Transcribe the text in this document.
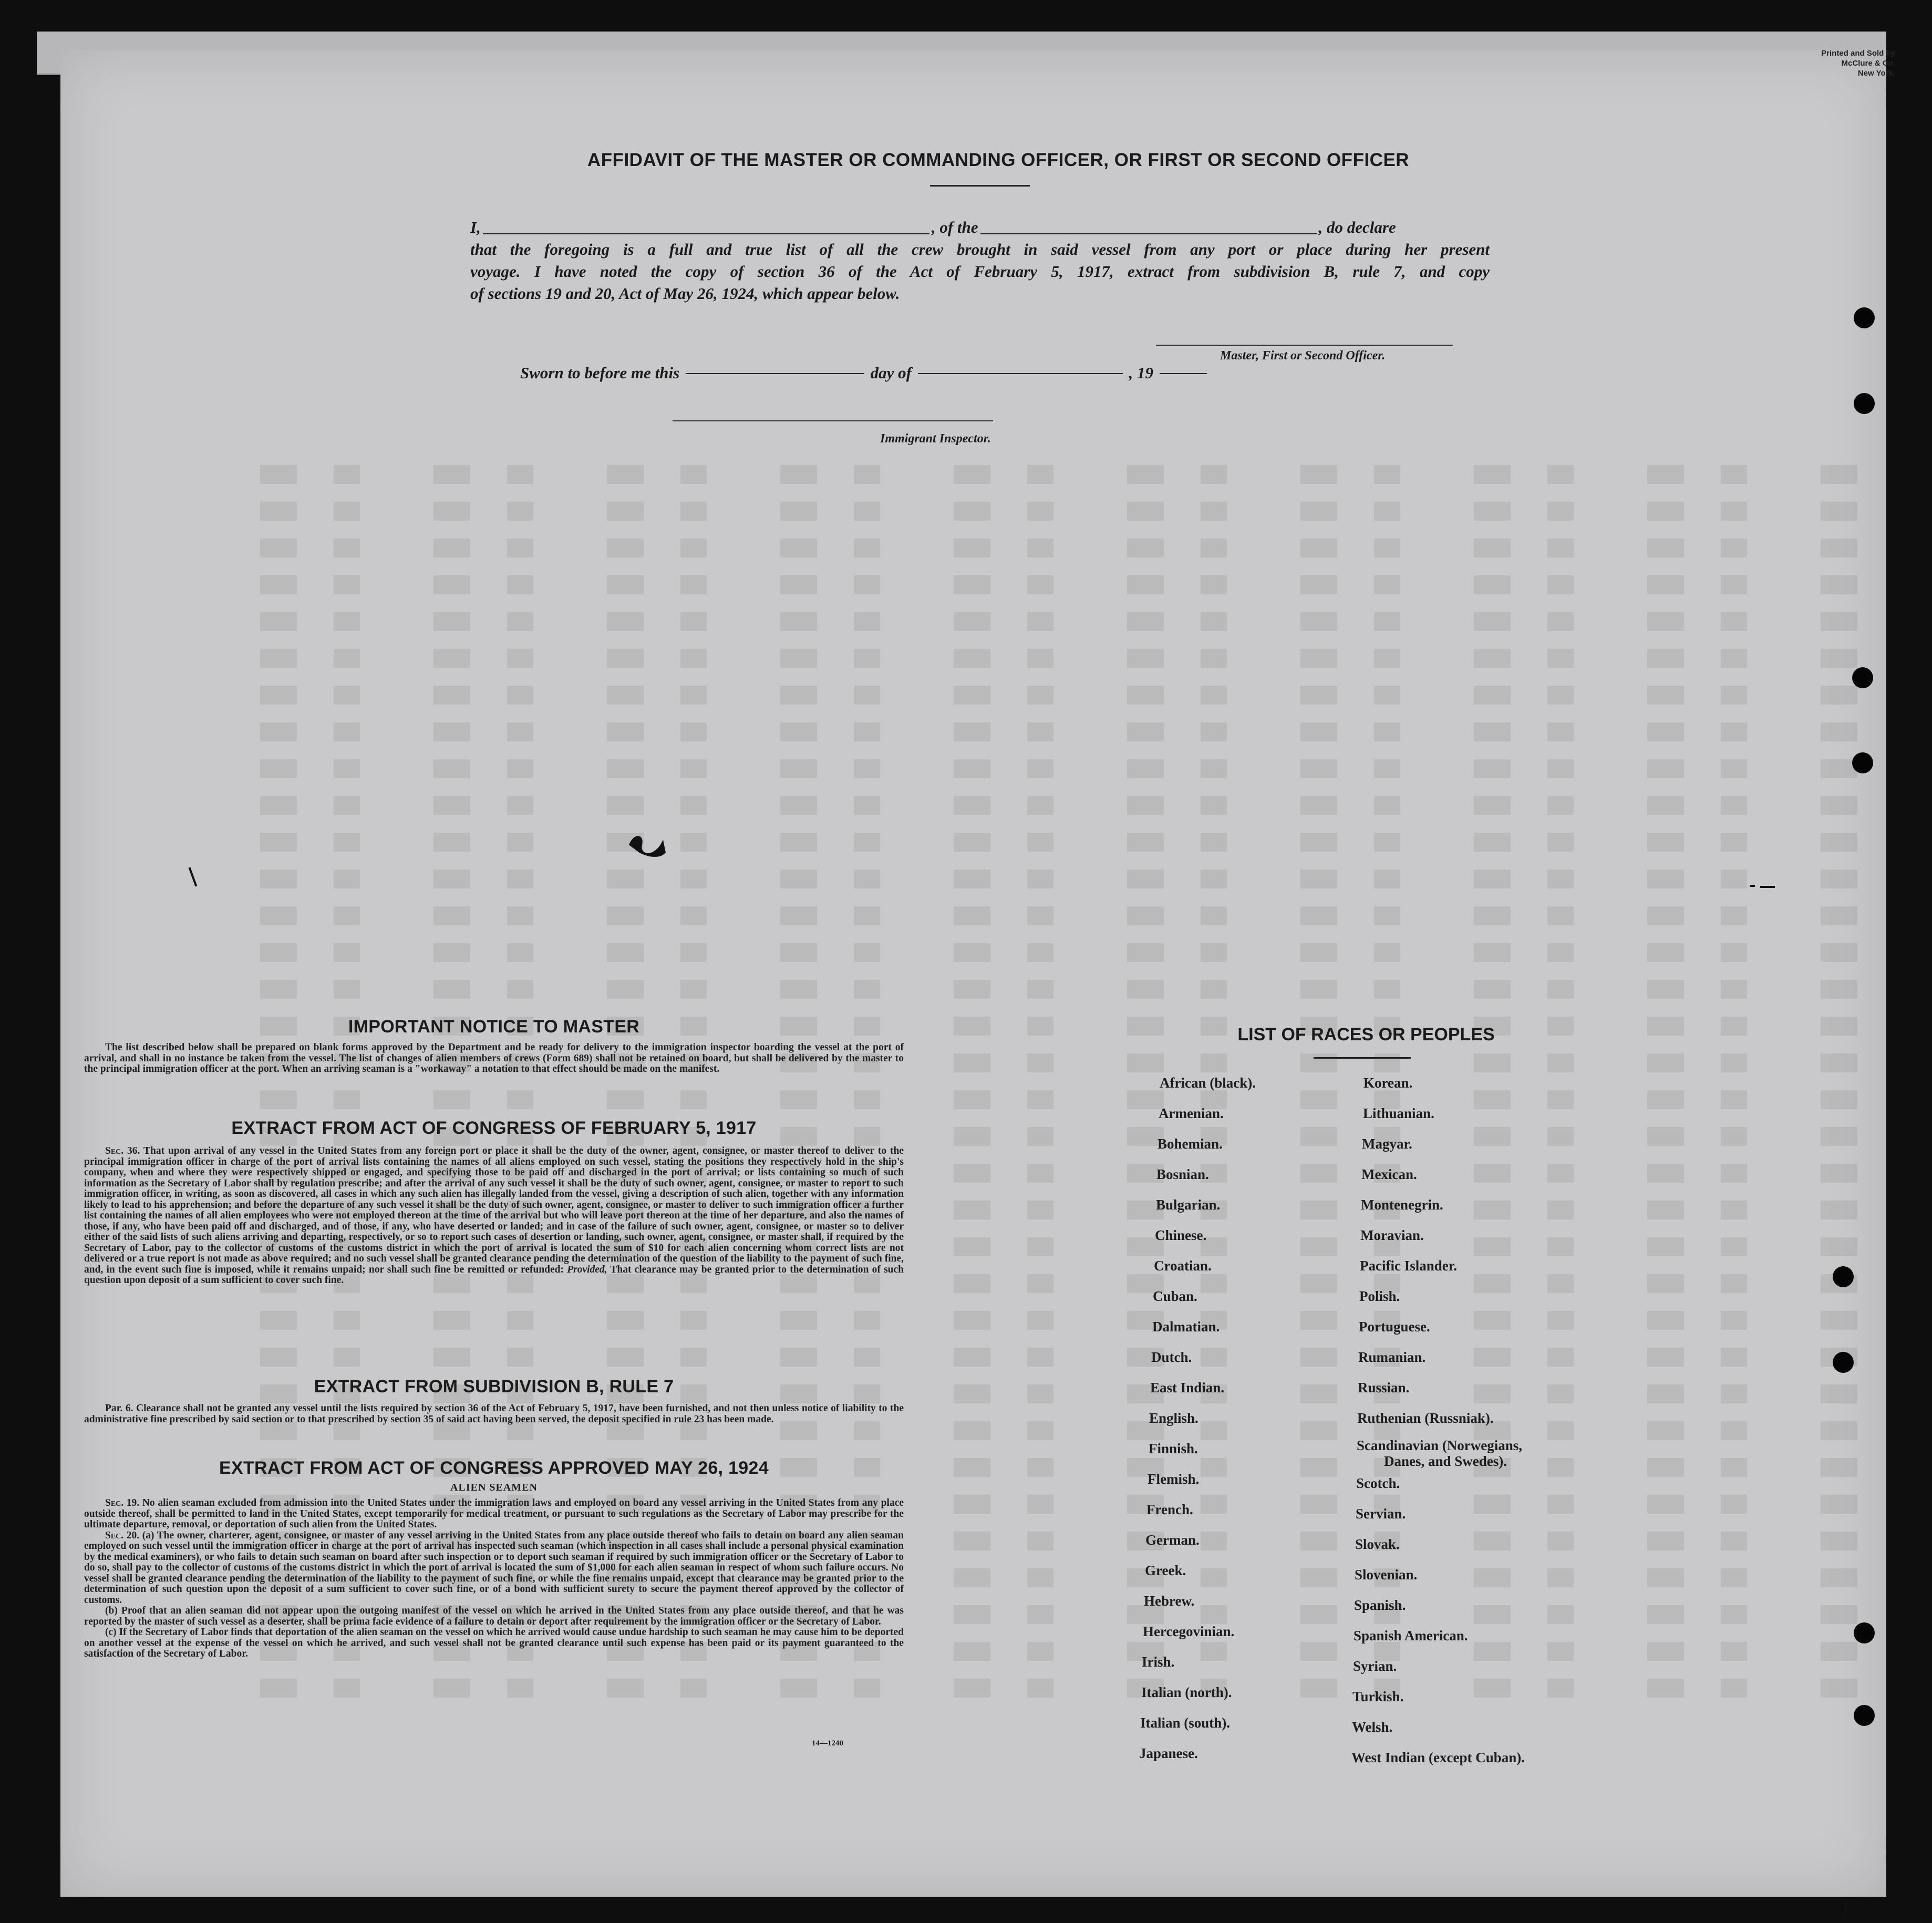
Printed and Sold by McClure & Co.
New York.
AFFIDAVIT OF THE MASTER OR COMMANDING OFFICER, OR FIRST OR SECOND OFFICER
I,	, of the	, do declare
that the foregoing is a full and true list of all the crew brought in said vessel from any port or place during her present
voyage. I have noted the copy of section 36 of the Act of February 5, 1917, extract from subdivision B, rule 7, and copy
of sections 19 and 20, Act of May 26, 1924, which appear below.
Master, First or Second Officer.
Sworn to before me this	day of	, 19
Immigrant Inspector.
IMPORTANT NOTICE TO MASTER
The list described below shall be prepared on blank forms approved by the Department and be ready for delivery to the immigration inspector boarding the vessel at the port of arrival, and shall in no instance be taken from the vessel. The list of changes of alien members of crews (Form 689) shall not be retained on board, but shall be delivered by the master to the principal immigration officer at the port. When an arriving seaman is a "workaway" a notation to that effect should be made on the manifest.
EXTRACT FROM ACT OF CONGRESS OF FEBRUARY 5, 1917
Sec. 36. That upon arrival of any vessel in the United States from any foreign port or place it shall be the duty of the owner, agent, consignee, or master thereof to deliver to the principal immigration officer in charge of the port of arrival lists containing the names of all aliens employed on such vessel, stating the positions they respectively hold in the ship's company, when and where they were respectively shipped or engaged, and specifying those to be paid off and discharged in the port of arrival; or lists containing so much of such information as the Secretary of Labor shall by regulation prescribe; and after the arrival of any such vessel it shall be the duty of such owner, agent, consignee, or master to report to such immigration officer, in writing, as soon as discovered, all cases in which any such alien has illegally landed from the vessel, giving a description of such alien, together with any information likely to lead to his apprehension; and before the departure of any such vessel it shall be the duty of such owner, agent, consignee, or master to deliver to such immigration officer a further list containing the names of all alien employees who were not employed thereon at the time of the arrival but who will leave port thereon at the time of her departure, and also the names of those, if any, who have been paid off and discharged, and of those, if any, who have deserted or landed; and in case of the failure of such owner, agent, consignee, or master so to deliver either of the said lists of such aliens arriving and departing, respectively, or so to report such cases of desertion or landing, such owner, agent, consignee, or master shall, if required by the Secretary of Labor, pay to the collector of customs of the customs district in which the port of arrival is located the sum of $10 for each alien concerning whom correct lists are not delivered or a true report is not made as above required; and no such vessel shall be granted clearance pending the determination of the question of the liability to the payment of such fine, and, in the event such fine is imposed, while it remains unpaid; nor shall such fine be remitted or refunded: Provided, That clearance may be granted prior to the determination of such question upon deposit of a sum sufficient to cover such fine.
EXTRACT FROM SUBDIVISION B, RULE 7
Par. 6. Clearance shall not be granted any vessel until the lists required by section 36 of the Act of February 5, 1917, have been furnished, and not then unless notice of liability to the administrative fine prescribed by said section or to that prescribed by section 35 of said act having been served, the deposit specified in rule 23 has been made.
EXTRACT FROM ACT OF CONGRESS APPROVED MAY 26, 1924
ALIEN SEAMEN
Sec. 19. No alien seaman excluded from admission into the United States under the immigration laws and employed on board any vessel arriving in the United States from any place outside thereof, shall be permitted to land in the United States, except temporarily for medical treatment, or pursuant to such regulations as the Secretary of Labor may prescribe for the ultimate departure, removal, or deportation of such alien from the United States.
Sec. 20. (a) The owner, charterer, agent, consignee, or master of any vessel arriving in the United States from any place outside thereof who fails to detain on board any alien seaman employed on such vessel until the immigration officer in charge at the port of arrival has inspected such seaman (which inspection in all cases shall include a personal physical examination by the medical examiners), or who fails to detain such seaman on board after such inspection or to deport such seaman if required by such immigration officer or the Secretary of Labor to do so, shall pay to the collector of customs of the customs district in which the port of arrival is located the sum of $1,000 for each alien seaman in respect of whom such failure occurs. No vessel shall be granted clearance pending the determination of the liability to the payment of such fine, or while the fine remains unpaid, except that clearance may be granted prior to the determination of such question upon the deposit of a sum sufficient to cover such fine, or of a bond with sufficient surety to secure the payment thereof approved by the collector of customs.
(b) Proof that an alien seaman did not appear upon the outgoing manifest of the vessel on which he arrived in the United States from any place outside thereof, and that he was reported by the master of such vessel as a deserter, shall be prima facie evidence of a failure to detain or deport after requirement by the immigration officer or the Secretary of Labor.
(c) If the Secretary of Labor finds that deportation of the alien seaman on the vessel on which he arrived would cause undue hardship to such seaman he may cause him to be deported on another vessel at the expense of the vessel on which he arrived, and such vessel shall not be granted clearance until such expense has been paid or its payment guaranteed to the satisfaction of the Secretary of Labor.
14—1240
LIST OF RACES OR PEOPLES
African (black).
Armenian.
Bohemian.
Bosnian.
Bulgarian.
Chinese.
Croatian.
Cuban.
Dalmatian.
Dutch.
East Indian.
English.
Finnish.
Flemish.
French.
German.
Greek.
Hebrew.
Hercegovinian.
Irish.
Italian (north).
Italian (south).
Japanese.
Korean.
Lithuanian.
Magyar.
Mexican.
Montenegrin.
Moravian.
Pacific Islander.
Polish.
Portuguese.
Rumanian.
Russian.
Ruthenian (Russniak).
Scandinavian (Norwegians,
Danes, and Swedes).
Scotch.
Servian.
Slovak.
Slovenian.
Spanish.
Spanish American.
Syrian.
Turkish.
Welsh.
West Indian (except Cuban).
